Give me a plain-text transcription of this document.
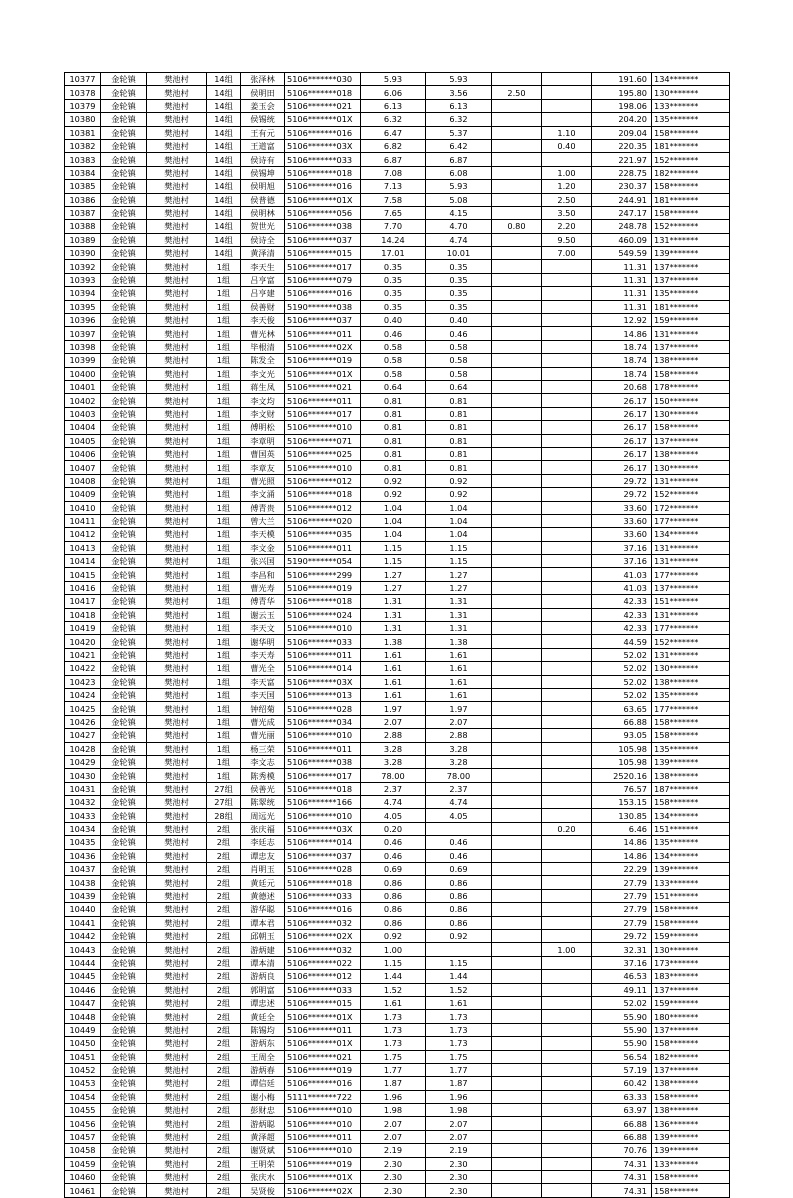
10377	金轮镇	樊池村	14组	张泽林	5106*******030	5.93	5.93			191.60	134*******
10378	金轮镇	樊池村	14组	侯明田	5106*******018	6.06	3.56	2.50		195.80	130*******
10379	金轮镇	樊池村	14组	姜玉会	5106*******021	6.13	6.13			198.06	133*******
10380	金轮镇	樊池村	14组	侯锡统	5106*******01X	6.32	6.32			204.20	135*******
10381	金轮镇	樊池村	14组	王有元	5106*******016	6.47	5.37		1.10	209.04	158*******
10382	金轮镇	樊池村	14组	王道富	5106*******03X	6.82	6.42		0.40	220.35	181*******
10383	金轮镇	樊池村	14组	侯诗有	5106*******033	6.87	6.87			221.97	152*******
10384	金轮镇	樊池村	14组	侯锡坤	5106*******018	7.08	6.08		1.00	228.75	182*******
10385	金轮镇	樊池村	14组	侯明旭	5106*******016	7.13	5.93		1.20	230.37	158*******
10386	金轮镇	樊池村	14组	侯普德	5106*******01X	7.58	5.08		2.50	244.91	181*******
10387	金轮镇	樊池村	14组	侯明林	5106*******056	7.65	4.15		3.50	247.17	158*******
10388	金轮镇	樊池村	14组	贺世光	5106*******038	7.70	4.70	0.80	2.20	248.78	152*******
10389	金轮镇	樊池村	14组	侯诗全	5106*******037	14.24	4.74		9.50	460.09	131*******
10390	金轮镇	樊池村	14组	黄泽清	5106*******015	17.01	10.01		7.00	549.59	139*******
10392	金轮镇	樊池村	1组	李天生	5106*******017	0.35	0.35			11.31	137*******
10393	金轮镇	樊池村	1组	吕亨富	5106*******079	0.35	0.35			11.31	137*******
10394	金轮镇	樊池村	1组	吕亨建	5106*******016	0.35	0.35			11.31	135*******
10395	金轮镇	樊池村	1组	侯善财	5190*******038	0.35	0.35			11.31	181*******
10396	金轮镇	樊池村	1组	李天俊	5106*******037	0.40	0.40			12.92	159*******
10397	金轮镇	樊池村	1组	曹光林	5106*******011	0.46	0.46			14.86	131*******
10398	金轮镇	樊池村	1组	毕根清	5106*******02X	0.58	0.58			18.74	137*******
10399	金轮镇	樊池村	1组	陈发全	5106*******019	0.58	0.58			18.74	138*******
10400	金轮镇	樊池村	1组	李文光	5106*******01X	0.58	0.58			18.74	158*******
10401	金轮镇	樊池村	1组	蒋生凤	5106*******021	0.64	0.64			20.68	178*******
10402	金轮镇	樊池村	1组	李文均	5106*******011	0.81	0.81			26.17	150*******
10403	金轮镇	樊池村	1组	李文财	5106*******017	0.81	0.81			26.17	130*******
10404	金轮镇	樊池村	1组	傅明松	5106*******010	0.81	0.81			26.17	158*******
10405	金轮镇	樊池村	1组	李章明	5106*******071	0.81	0.81			26.17	137*******
10406	金轮镇	樊池村	1组	曹国英	5106*******025	0.81	0.81			26.17	138*******
10407	金轮镇	樊池村	1组	李章友	5106*******010	0.81	0.81			26.17	130*******
10408	金轮镇	樊池村	1组	曹光照	5106*******012	0.92	0.92			29.72	131*******
10409	金轮镇	樊池村	1组	李文涌	5106*******018	0.92	0.92			29.72	152*******
10410	金轮镇	樊池村	1组	傅青贵	5106*******012	1.04	1.04			33.60	172*******
10411	金轮镇	樊池村	1组	曾大兰	5106*******020	1.04	1.04			33.60	177*******
10412	金轮镇	樊池村	1组	李天模	5106*******035	1.04	1.04			33.60	134*******
10413	金轮镇	樊池村	1组	李文金	5106*******011	1.15	1.15			37.16	131*******
10414	金轮镇	樊池村	1组	张兴国	5190*******054	1.15	1.15			37.16	131*******
10415	金轮镇	樊池村	1组	李昌和	5106*******299	1.27	1.27			41.03	177*******
10416	金轮镇	樊池村	1组	曹光寿	5106*******019	1.27	1.27			41.03	137*******
10417	金轮镇	樊池村	1组	傅青华	5106*******018	1.31	1.31			42.33	151*******
10418	金轮镇	樊池村	1组	谢云玉	5106*******024	1.31	1.31			42.33	131*******
10419	金轮镇	樊池村	1组	李天文	5106*******010	1.31	1.31			42.33	177*******
10420	金轮镇	樊池村	1组	谢华明	5106*******033	1.38	1.38			44.59	152*******
10421	金轮镇	樊池村	1组	李天寿	5106*******011	1.61	1.61			52.02	131*******
10422	金轮镇	樊池村	1组	曹光全	5106*******014	1.61	1.61			52.02	130*******
10423	金轮镇	樊池村	1组	李天富	5106*******03X	1.61	1.61			52.02	138*******
10424	金轮镇	樊池村	1组	李天国	5106*******013	1.61	1.61			52.02	135*******
10425	金轮镇	樊池村	1组	钟绍菊	5106*******028	1.97	1.97			63.65	177*******
10426	金轮镇	樊池村	1组	曹光成	5106*******034	2.07	2.07			66.88	158*******
10427	金轮镇	樊池村	1组	曹光丽	5106*******010	2.88	2.88			93.05	158*******
10428	金轮镇	樊池村	1组	杨三荣	5106*******011	3.28	3.28			105.98	135*******
10429	金轮镇	樊池村	1组	李文志	5106*******038	3.28	3.28			105.98	139*******
10430	金轮镇	樊池村	1组	陈秀模	5106*******017	78.00	78.00			2520.16	138*******
10431	金轮镇	樊池村	27组	侯善光	5106*******018	2.37	2.37			76.57	187*******
10432	金轮镇	樊池村	27组	陈翠统	5106*******166	4.74	4.74			153.15	158*******
10433	金轮镇	樊池村	28组	周远光	5106*******010	4.05	4.05			130.85	134*******
10434	金轮镇	樊池村	2组	张庆福	5106*******03X	0.20			0.20	6.46	151*******
10435	金轮镇	樊池村	2组	李廷志	5106*******014	0.46	0.46			14.86	135*******
10436	金轮镇	樊池村	2组	谭忠友	5106*******037	0.46	0.46			14.86	134*******
10437	金轮镇	樊池村	2组	肖明玉	5106*******028	0.69	0.69			22.29	139*******
10438	金轮镇	樊池村	2组	黄廷元	5106*******018	0.86	0.86			27.79	133*******
10439	金轮镇	樊池村	2组	黄德述	5106*******033	0.86	0.86			27.79	151*******
10440	金轮镇	樊池村	2组	游华聪	5106*******016	0.86	0.86			27.79	158*******
10441	金轮镇	樊池村	2组	谭本君	5106*******032	0.86	0.86			27.79	158*******
10442	金轮镇	樊池村	2组	邱朝玉	5106*******02X	0.92	0.92			29.72	159*******
10443	金轮镇	樊池村	2组	游炳建	5106*******032	1.00			1.00	32.31	130*******
10444	金轮镇	樊池村	2组	谭本清	5106*******022	1.15	1.15			37.16	173*******
10445	金轮镇	樊池村	2组	游炳良	5106*******012	1.44	1.44			46.53	183*******
10446	金轮镇	樊池村	2组	郭明富	5106*******033	1.52	1.52			49.11	137*******
10447	金轮镇	樊池村	2组	谭忠述	5106*******015	1.61	1.61			52.02	159*******
10448	金轮镇	樊池村	2组	黄廷全	5106*******01X	1.73	1.73			55.90	180*******
10449	金轮镇	樊池村	2组	陈锡均	5106*******011	1.73	1.73			55.90	137*******
10450	金轮镇	樊池村	2组	游炳东	5106*******01X	1.73	1.73			55.90	158*******
10451	金轮镇	樊池村	2组	王周全	5106*******021	1.75	1.75			56.54	182*******
10452	金轮镇	樊池村	2组	游炳春	5106*******019	1.77	1.77			57.19	137*******
10453	金轮镇	樊池村	2组	谭信廷	5106*******016	1.87	1.87			60.42	138*******
10454	金轮镇	樊池村	2组	谢小梅	5111*******722	1.96	1.96			63.33	158*******
10455	金轮镇	樊池村	2组	彭财忠	5106*******010	1.98	1.98			63.97	138*******
10456	金轮镇	樊池村	2组	游炳聪	5106*******010	2.07	2.07			66.88	136*******
10457	金轮镇	樊池村	2组	黄泽超	5106*******011	2.07	2.07			66.88	139*******
10458	金轮镇	樊池村	2组	谢贤斌	5106*******010	2.19	2.19			70.76	139*******
10459	金轮镇	樊池村	2组	王明荣	5106*******019	2.30	2.30			74.31	133*******
10460	金轮镇	樊池村	2组	张庆水	5106*******01X	2.30	2.30			74.31	158*******
10461	金轮镇	樊池村	2组	吴贤俊	5106*******02X	2.30	2.30			74.31	158*******
